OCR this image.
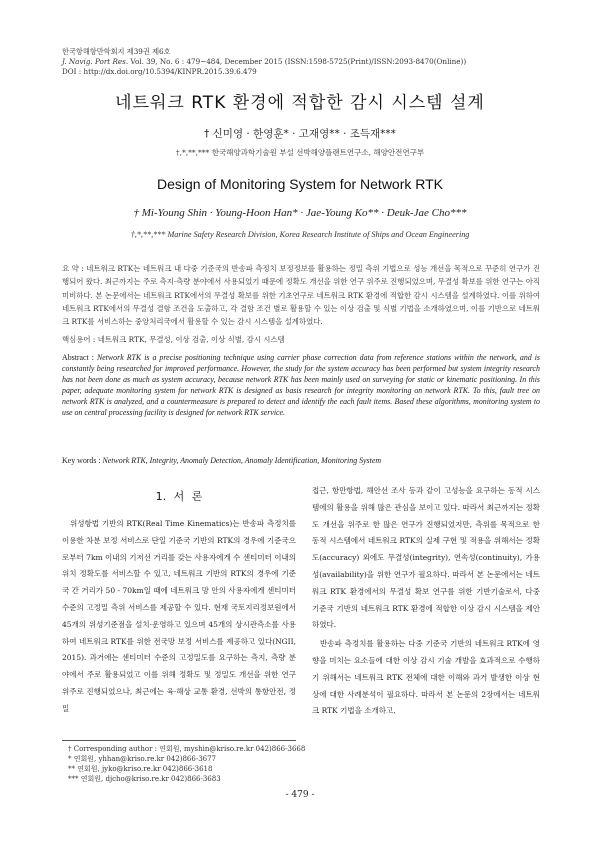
한국항해항만학회지 제39권 제6호
J. Navig. Port Res. Vol. 39, No. 6 : 479~484, December 2015 (ISSN:1598-5725(Print)/ISSN:2093-8470(Online))
DOI : http://dx.doi.org/10.5394/KINPR.2015.39.6.479
네트워크 RTK 환경에 적합한 감시 시스템 설계
† 신미영 · 한영훈* · 고재영** · 조득재***
†,*,**,*** 한국해양과학기술원 부설 선박해양플랜트연구소, 해양안전연구부
Design of Monitoring System for Network RTK
† Mi-Young Shin · Young-Hoon Han* · Jae-Young Ko** · Deuk-Jae Cho***
†,*,**,*** Marine Safety Research Division, Korea Research Institute of Ships and Ocean Engineering
요 약 : 네트워크 RTK는 네트워크 내 다중 기준국의 반송파 측정치 보정정보를 활용하는 정밀 측위 기법으로 성능 개선을 목적으로 꾸준히 연구가 진행되어 왔다. 최근까지는 주로 측지·측량 분야에서 사용되었기 때문에 정확도 개선을 위한 연구 위주로 진행되었으며, 무결성 확보를 위한 연구는 아직 미비하다. 본 논문에서는 네트워크 RTK에서의 무결성 확보를 위한 기초연구로 네트워크 RTK 환경에 적합한 감시 시스템을 설계하였다. 이를 위하여 네트워크 RTK에서의 무결성 결함 조건을 도출하고, 각 결함 조건 별로 활용할 수 있는 이상 검출 및 식별 기법을 소개하였으며, 이를 기반으로 네트워크 RTK를 서비스하는 중앙처리국에서 활용할 수 있는 감시 시스템을 설계하였다.
핵심용어 : 네트워크 RTK, 무결성, 이상 검출, 이상 식별, 감시 시스템
Abstract : Network RTK is a precise positioning technique using carrier phase correction data from reference stations within the network, and is constantly being researched for improved performance. However, the study for the system accuracy has been performed but system integrity research has not been done as much as system accuracy, because network RTK has been mainly used on surveying for static or kinematic positioning. In this paper, adequate monitoring system for network RTK is designed as basis research for integrity monitoring on network RTK. To this, fault tree on network RTK is analyzed, and a countermeasure is prepared to detect and identify the each fault items. Based these algorithms, monitoring system to use on central processing facility is designed for network RTK service.
Key words : Network RTK, Integrity, Anomaly Detection, Anomaly Identification, Monitoring System
1. 서 론
위성항법 기반의 RTK(Real Time Kinematics)는 반송파 측정치를 이용한 차분 보정 서비스로 단일 기준국 기반의 RTK의 경우에 기준국으로부터 7km 이내의 기저선 거리를 갖는 사용자에게 수 센티미터 이내의 위치 정확도를 서비스할 수 있고, 네트워크 기반의 RTK의 경우에 기준국 간 거리가 50 - 70km일 때에 네트워크 망 안의 사용자에게 센티미터 수준의 고정밀 측위 서비스를 제공할 수 있다. 현재 국토지리정보원에서 45개의 위성기준점을 설치·운영하고 있으며 45개의 상시관측소를 사용하여 네트워크 RTK를 위한 전국망 보정 서비스를 제공하고 있다(NGII, 2015). 과거에는 센티미터 수준의 고정밀도를 요구하는 측지, 측량 분야에서 주로 활용되었고 이를 위해 정확도 및 정밀도 개선을 위한 연구 위주로 진행되었으나, 최근에는 육·해상 교통 환경, 선박의 통항안전, 정밀
접근, 항만항법, 해안선 조사 등과 같이 고성능을 요구하는 동적 시스템에의 활용을 위해 많은 관심을 보이고 있다. 따라서 최근까지는 정확도 개선을 위주로 한 많은 연구가 진행되었지만, 측위를 목적으로 한 동적 시스템에서 네트워크 RTK의 실제 구현 및 적용을 위해서는 정확도(accuracy) 외에도 무결성(integrity), 연속성(continuity), 가용성(availability)을 위한 연구가 필요하다. 따라서 본 논문에서는 네트워크 RTK 환경에서의 무결성 확보 연구를 위한 기반기술로서, 다중 기준국 기반의 네트워크 RTK 환경에 적합한 이상 감시 시스템을 제안하였다.
반송파 측정치를 활용하는 다중 기준국 기반의 네트워크 RTK에 영향을 미치는 요소들에 대한 이상 감시 기술 개발을 효과적으로 수행하기 위해서는 네트워크 RTK 전체에 대한 이해와 과거 발생한 이상 현상에 대한 사례분석이 필요하다. 따라서 본 논문의 2장에서는 네트워크 RTK 기법을 소개하고,
† Corresponding author : 연회원, myshin@kriso.re.kr 042)866-3668
* 연회원, yhhan@kriso.re.kr 042)866-3677
** 연회원, jyko@kriso.re.kr 042)866-3618
*** 연회원, djcho@kriso.re.kr 042)866-3683
- 479 -
